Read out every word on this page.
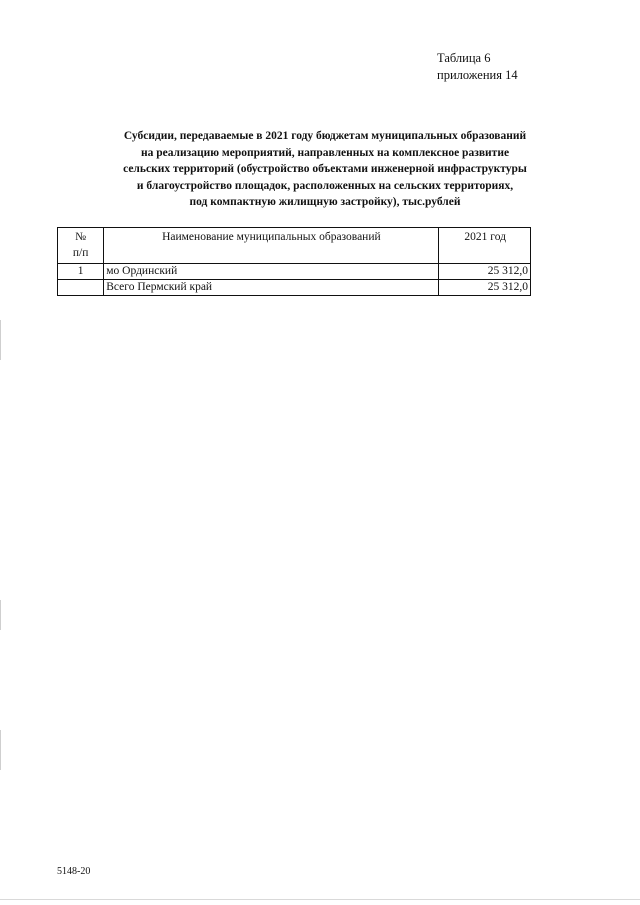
Таблица 6
приложения 14
Субсидии, передаваемые в 2021 году бюджетам муниципальных образований
на реализацию мероприятий, направленных на комплексное развитие
сельских территорий (обустройство объектами инженерной инфраструктуры
и благоустройство площадок, расположенных на сельских территориях,
под компактную жилищную застройку), тыс.рублей
№
п/п	Наименование муниципальных образований	2021 год
1	мо Ординский	25 312,0
	Всего Пермский край	25 312,0
5148-20
